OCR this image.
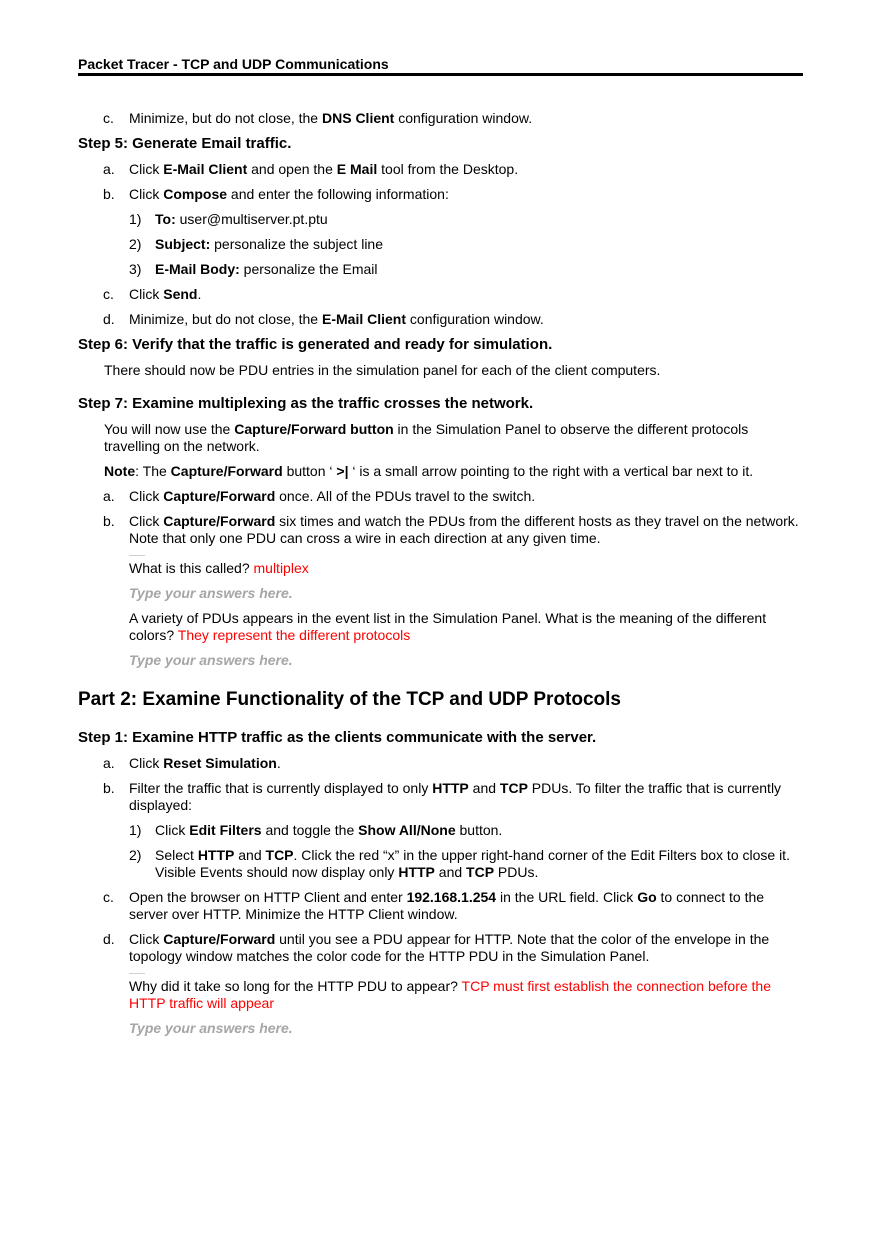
Packet Tracer - TCP and UDP Communications

c. Minimize, but do not close, the DNS Client configuration window.

Step 5: Generate Email traffic.

a. Click E-Mail Client and open the E Mail tool from the Desktop.

b. Click Compose and enter the following information:

1) To: user@multiserver.pt.ptu

2) Subject: personalize the subject line

3) E-Mail Body: personalize the Email

c. Click Send.

d. Minimize, but do not close, the E-Mail Client configuration window.

Step 6: Verify that the traffic is generated and ready for simulation.

There should now be PDU entries in the simulation panel for each of the client computers.

Step 7: Examine multiplexing as the traffic crosses the network.

You will now use the Capture/Forward button in the Simulation Panel to observe the different protocols travelling on the network.

Note: The Capture/Forward button ‘ >| ‘ is a small arrow pointing to the right with a vertical bar next to it.

a. Click Capture/Forward once. All of the PDUs travel to the switch.

b. Click Capture/Forward six times and watch the PDUs from the different hosts as they travel on the network. Note that only one PDU can cross a wire in each direction at any given time.

What is this called? multiplex

Type your answers here.

A variety of PDUs appears in the event list in the Simulation Panel. What is the meaning of the different colors? They represent the different protocols

Type your answers here.

Part 2: Examine Functionality of the TCP and UDP Protocols
Step 1: Examine HTTP traffic as the clients communicate with the server.

a. Click Reset Simulation.

b. Filter the traffic that is currently displayed to only HTTP and TCP PDUs. To filter the traffic that is currently displayed:

1) Click Edit Filters and toggle the Show All/None button.

2) Select HTTP and TCP. Click the red “x” in the upper right-hand corner of the Edit Filters box to close it. Visible Events should now display only HTTP and TCP PDUs.

c. Open the browser on HTTP Client and enter 192.168.1.254 in the URL field. Click Go to connect to the server over HTTP. Minimize the HTTP Client window.

d. Click Capture/Forward until you see a PDU appear for HTTP. Note that the color of the envelope in the topology window matches the color code for the HTTP PDU in the Simulation Panel.

Why did it take so long for the HTTP PDU to appear? TCP must first establish the connection before the HTTP traffic will appear

Type your answers here.
